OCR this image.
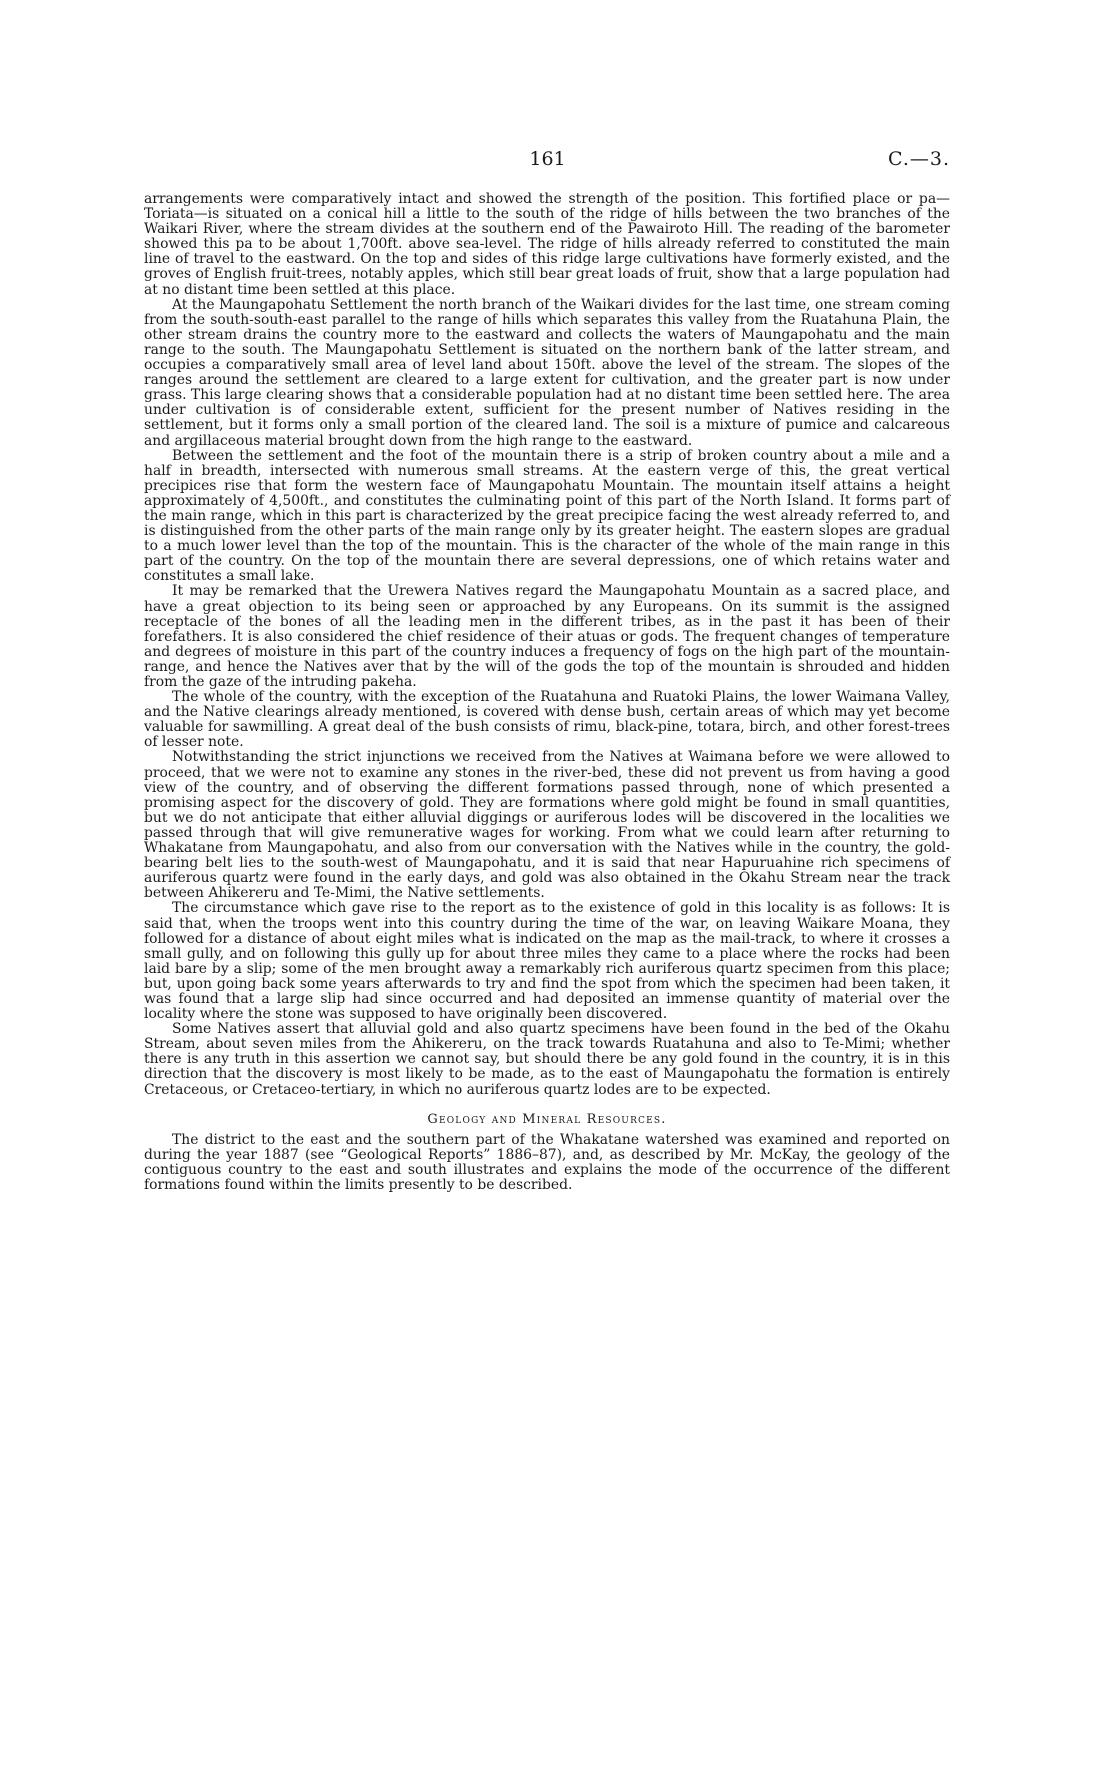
161	C.—3.

arrangements were comparatively intact and showed the strength of the position. This fortified place or pa—Toriata—is situated on a conical hill a little to the south of the ridge of hills between the two branches of the Waikari River, where the stream divides at the southern end of the Pawairoto Hill. The reading of the barometer showed this pa to be about 1,700ft. above sea-level. The ridge of hills already referred to constituted the main line of travel to the eastward. On the top and sides of this ridge large cultivations have formerly existed, and the groves of English fruit-trees, notably apples, which still bear great loads of fruit, show that a large population had at no distant time been settled at this place.

At the Maungapohatu Settlement the north branch of the Waikari divides for the last time, one stream coming from the south-south-east parallel to the range of hills which separates this valley from the Ruatahuna Plain, the other stream drains the country more to the eastward and collects the waters of Maungapohatu and the main range to the south. The Maungapohatu Settlement is situated on the northern bank of the latter stream, and occupies a comparatively small area of level land about 150ft. above the level of the stream. The slopes of the ranges around the settlement are cleared to a large extent for cultivation, and the greater part is now under grass. This large clearing shows that a considerable population had at no distant time been settled here. The area under cultivation is of considerable extent, sufficient for the present number of Natives residing in the settlement, but it forms only a small portion of the cleared land. The soil is a mixture of pumice and calcareous and argillaceous material brought down from the high range to the eastward.

Between the settlement and the foot of the mountain there is a strip of broken country about a mile and a half in breadth, intersected with numerous small streams. At the eastern verge of this, the great vertical precipices rise that form the western face of Maungapohatu Mountain. The mountain itself attains a height approximately of 4,500ft., and constitutes the culminating point of this part of the North Island. It forms part of the main range, which in this part is characterized by the great precipice facing the west already referred to, and is distinguished from the other parts of the main range only by its greater height. The eastern slopes are gradual to a much lower level than the top of the mountain. This is the character of the whole of the main range in this part of the country. On the top of the mountain there are several depressions, one of which retains water and constitutes a small lake.

It may be remarked that the Urewera Natives regard the Maungapohatu Mountain as a sacred place, and have a great objection to its being seen or approached by any Europeans. On its summit is the assigned receptacle of the bones of all the leading men in the different tribes, as in the past it has been of their forefathers. It is also considered the chief residence of their atuas or gods. The frequent changes of temperature and degrees of moisture in this part of the country induces a frequency of fogs on the high part of the mountain-range, and hence the Natives aver that by the will of the gods the top of the mountain is shrouded and hidden from the gaze of the intruding pakeha.

The whole of the country, with the exception of the Ruatahuna and Ruatoki Plains, the lower Waimana Valley, and the Native clearings already mentioned, is covered with dense bush, certain areas of which may yet become valuable for sawmilling. A great deal of the bush consists of rimu, black-pine, totara, birch, and other forest-trees of lesser note.

Notwithstanding the strict injunctions we received from the Natives at Waimana before we were allowed to proceed, that we were not to examine any stones in the river-bed, these did not prevent us from having a good view of the country, and of observing the different formations passed through, none of which presented a promising aspect for the discovery of gold. They are formations where gold might be found in small quantities, but we do not anticipate that either alluvial diggings or auriferous lodes will be discovered in the localities we passed through that will give remunerative wages for working. From what we could learn after returning to Whakatane from Maungapohatu, and also from our conversation with the Natives while in the country, the gold-bearing belt lies to the south-west of Maungapohatu, and it is said that near Hapuruahine rich specimens of auriferous quartz were found in the early days, and gold was also obtained in the Okahu Stream near the track between Ahikereru and Te-Mimi, the Native settlements.

The circumstance which gave rise to the report as to the existence of gold in this locality is as follows: It is said that, when the troops went into this country during the time of the war, on leaving Waikare Moana, they followed for a distance of about eight miles what is indicated on the map as the mail-track, to where it crosses a small gully, and on following this gully up for about three miles they came to a place where the rocks had been laid bare by a slip; some of the men brought away a remarkably rich auriferous quartz specimen from this place; but, upon going back some years afterwards to try and find the spot from which the specimen had been taken, it was found that a large slip had since occurred and had deposited an immense quantity of material over the locality where the stone was supposed to have originally been discovered.

Some Natives assert that alluvial gold and also quartz specimens have been found in the bed of the Okahu Stream, about seven miles from the Ahikereru, on the track towards Ruatahuna and also to Te-Mimi; whether there is any truth in this assertion we cannot say, but should there be any gold found in the country, it is in this direction that the discovery is most likely to be made, as to the east of Maungapohatu the formation is entirely Cretaceous, or Cretaceo-tertiary, in which no auriferous quartz lodes are to be expected.

Geology and Mineral Resources.

The district to the east and the southern part of the Whakatane watershed was examined and reported on during the year 1887 (see “Geological Reports” 1886–87), and, as described by Mr. McKay, the geology of the contiguous country to the east and south illustrates and explains the mode of the occurrence of the different formations found within the limits presently to be described.
